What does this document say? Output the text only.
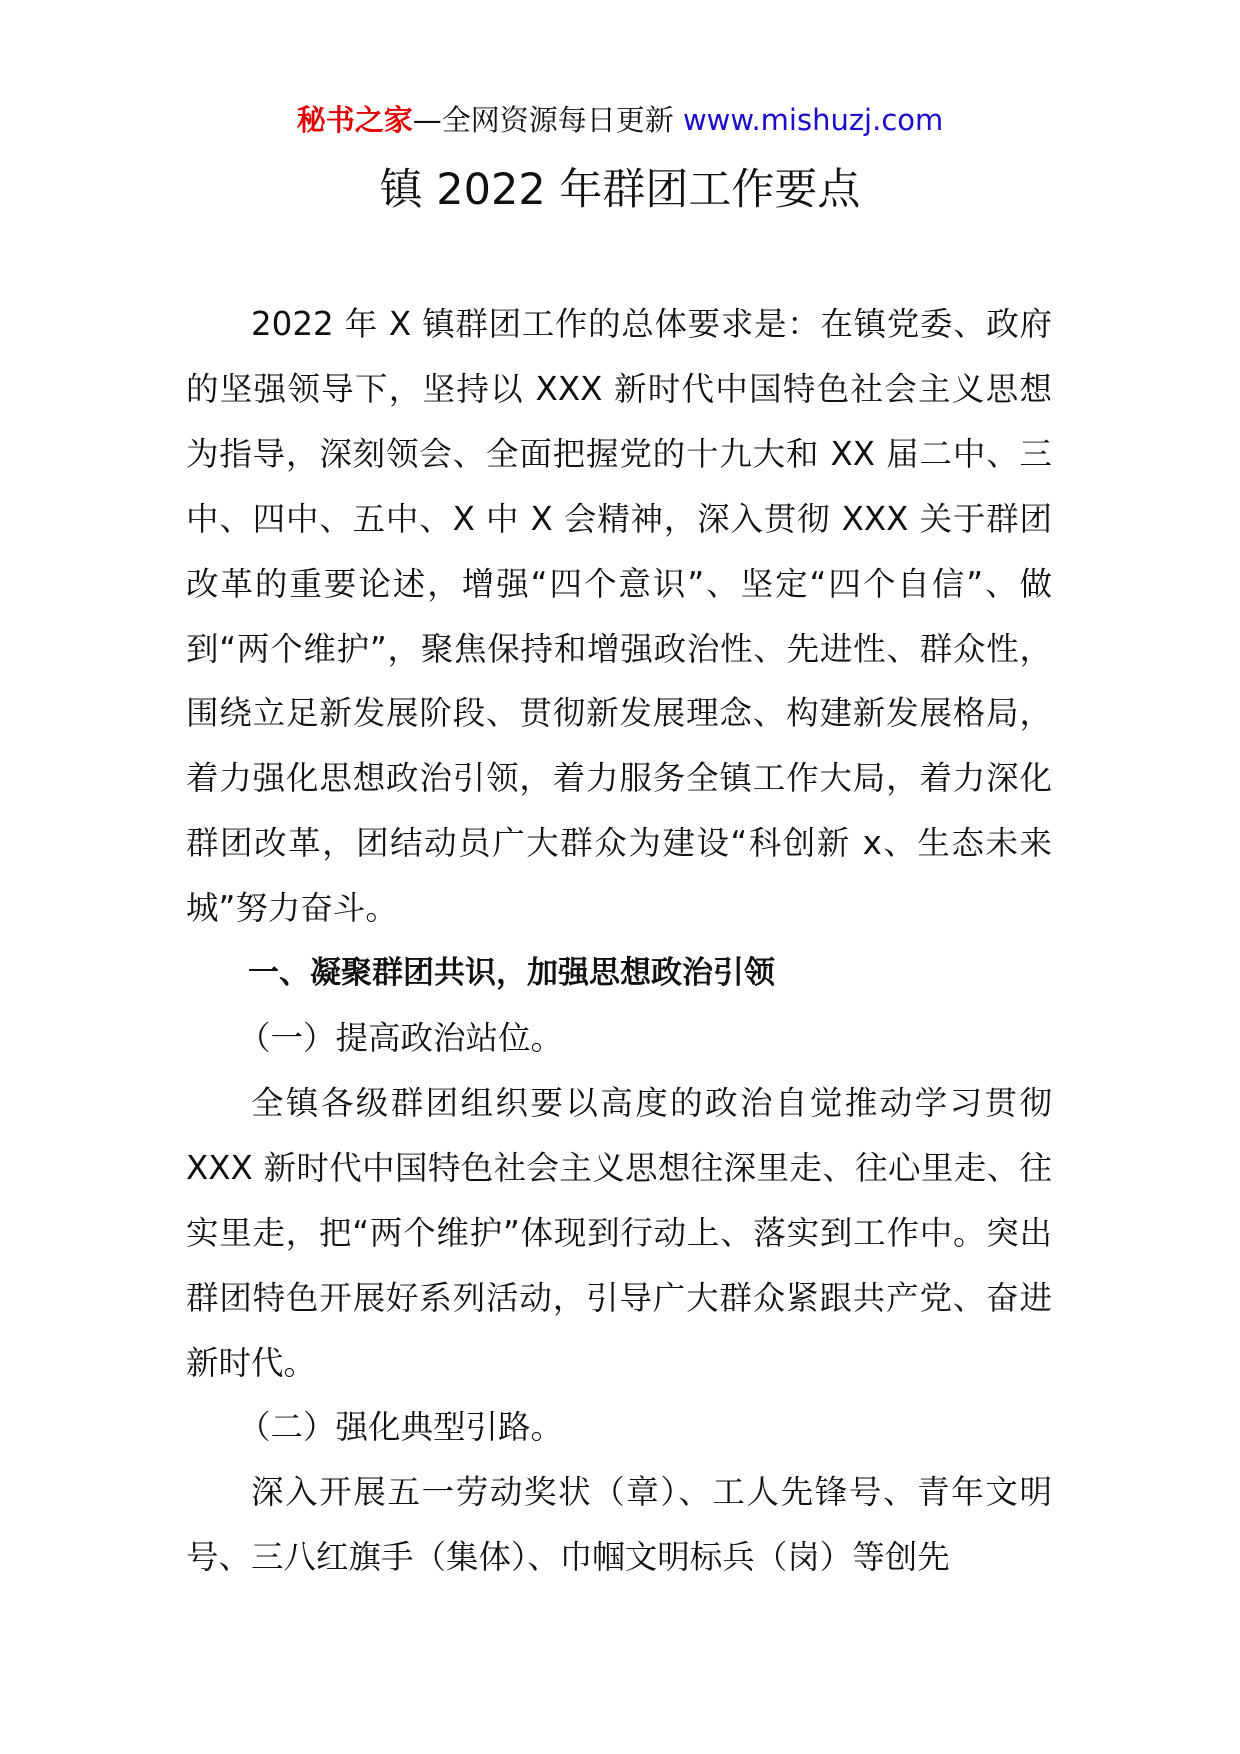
秘书之家—全网资源每日更新 www.mishuzj.com
镇 2022 年群团工作要点

2022 年 X 镇群团工作的总体要求是：在镇党委、政府的坚强领导下，坚持以 XXX 新时代中国特色社会主义思想为指导，深刻领会、全面把握党的十九大和 XX 届二中、三中、四中、五中、X 中 X 会精神，深入贯彻 XXX 关于群团改革的重要论述，增强“四个意识”、坚定“四个自信”、做到“两个维护”，聚焦保持和增强政治性、先进性、群众性，围绕立足新发展阶段、贯彻新发展理念、构建新发展格局，着力强化思想政治引领，着力服务全镇工作大局，着力深化群团改革，团结动员广大群众为建设“科创新 x、生态未来城”努力奋斗。

一、凝聚群团共识，加强思想政治引领

（一）提高政治站位。

全镇各级群团组织要以高度的政治自觉推动学习贯彻 XXX 新时代中国特色社会主义思想往深里走、往心里走、往实里走，把“两个维护”体现到行动上、落实到工作中。突出群团特色开展好系列活动，引导广大群众紧跟共产党、奋进新时代。

（二）强化典型引路。

深入开展五一劳动奖状（章）、工人先锋号、青年文明号、三八红旗手（集体）、巾帼文明标兵（岗）等创先
